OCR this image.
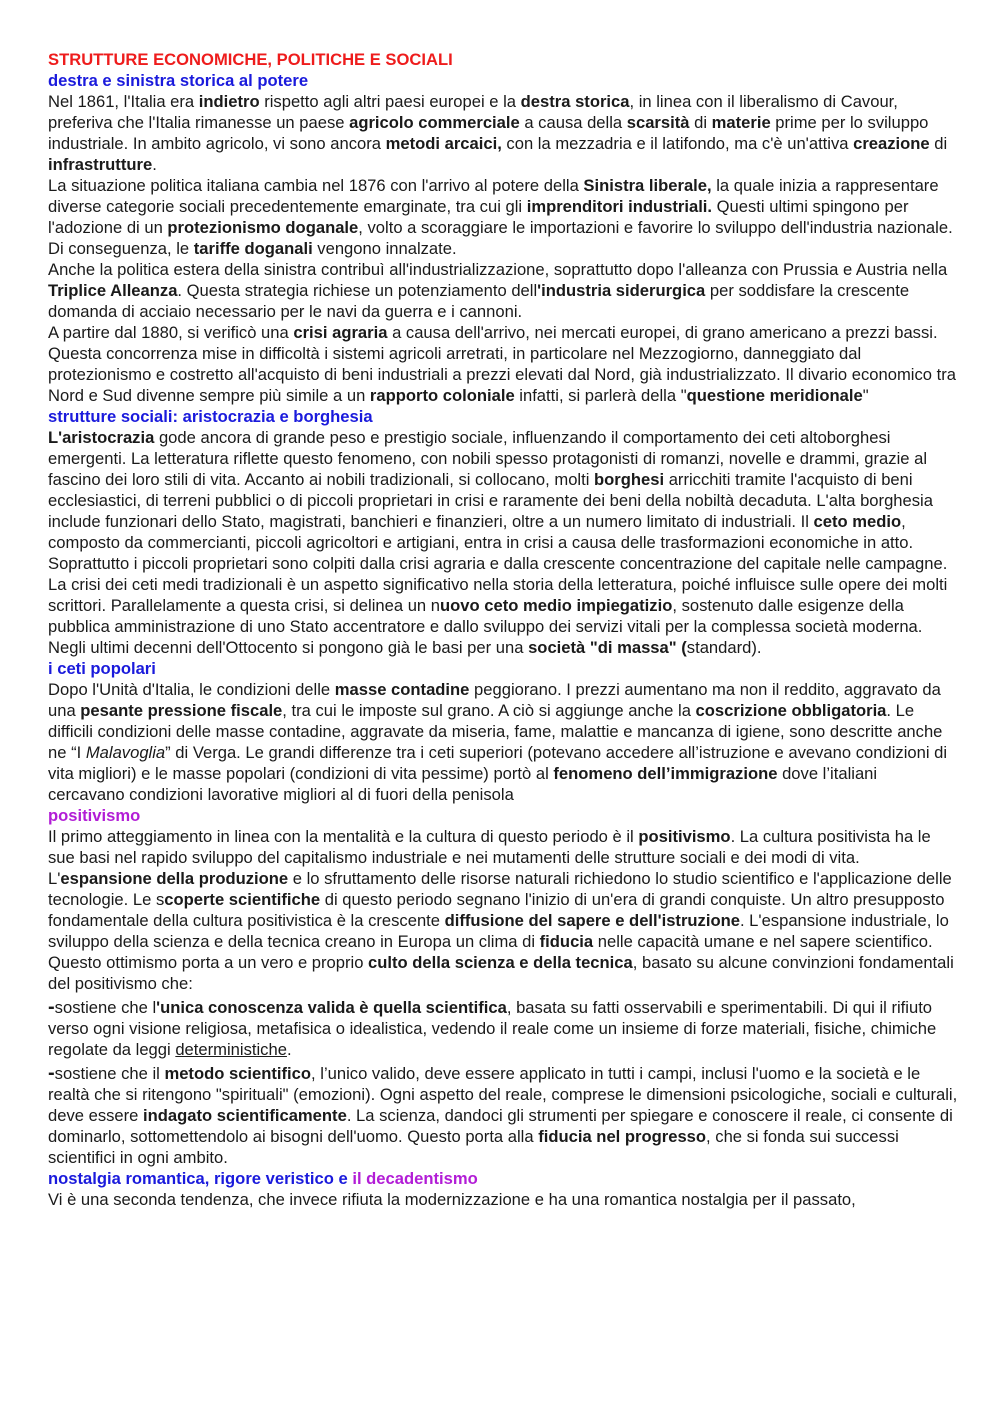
STRUTTURE ECONOMICHE, POLITICHE E SOCIALI
destra e sinistra storica al potere

Nel 1861, l'Italia era indietro rispetto agli altri paesi europei e la destra storica, in linea con il liberalismo di Cavour, preferiva che l'Italia rimanesse un paese agricolo commerciale a causa della scarsità di materie prime per lo sviluppo industriale. In ambito agricolo, vi sono ancora metodi arcaici, con la mezzadria e il latifondo, ma c'è un'attiva creazione di infrastrutture.

La situazione politica italiana cambia nel 1876 con l'arrivo al potere della Sinistra liberale, la quale inizia a rappresentare diverse categorie sociali precedentemente emarginate, tra cui gli imprenditori industriali. Questi ultimi spingono per l'adozione di un protezionismo doganale, volto a scoraggiare le importazioni e favorire lo sviluppo dell'industria nazionale. Di conseguenza, le tariffe doganali vengono innalzate.

Anche la politica estera della sinistra contribuì all'industrializzazione, soprattutto dopo l'alleanza con Prussia e Austria nella Triplice Alleanza. Questa strategia richiese un potenziamento dell'industria siderurgica per soddisfare la crescente domanda di acciaio necessario per le navi da guerra e i cannoni.

A partire dal 1880, si verificò una crisi agraria a causa dell'arrivo, nei mercati europei, di grano americano a prezzi bassi. Questa concorrenza mise in difficoltà i sistemi agricoli arretrati, in particolare nel Mezzogiorno, danneggiato dal protezionismo e costretto all'acquisto di beni industriali a prezzi elevati dal Nord, già industrializzato. Il divario economico tra Nord e Sud divenne sempre più simile a un rapporto coloniale infatti, si parlerà della "questione meridionale"

strutture sociali: aristocrazia e borghesia

L'aristocrazia gode ancora di grande peso e prestigio sociale, influenzando il comportamento dei ceti altoborghesi emergenti. La letteratura riflette questo fenomeno, con nobili spesso protagonisti di romanzi, novelle e drammi, grazie al fascino dei loro stili di vita. Accanto ai nobili tradizionali, si collocano, molti borghesi arricchiti tramite l'acquisto di beni ecclesiastici, di terreni pubblici o di piccoli proprietari in crisi e raramente dei beni della nobiltà decaduta. L'alta borghesia include funzionari dello Stato, magistrati, banchieri e finanzieri, oltre a un numero limitato di industriali. Il ceto medio, composto da commercianti, piccoli agricoltori e artigiani, entra in crisi a causa delle trasformazioni economiche in atto. Soprattutto i piccoli proprietari sono colpiti dalla crisi agraria e dalla crescente concentrazione del capitale nelle campagne. La crisi dei ceti medi tradizionali è un aspetto significativo nella storia della letteratura, poiché influisce sulle opere dei molti scrittori. Parallelamente a questa crisi, si delinea un nuovo ceto medio impiegatizio, sostenuto dalle esigenze della pubblica amministrazione di uno Stato accentratore e dallo sviluppo dei servizi vitali per la complessa società moderna. Negli ultimi decenni dell'Ottocento si pongono già le basi per una società "di massa" (standard).

i ceti popolari

Dopo l'Unità d'Italia, le condizioni delle masse contadine peggiorano. I prezzi aumentano ma non il reddito, aggravato da una pesante pressione fiscale, tra cui le imposte sul grano. A ciò si aggiunge anche la coscrizione obbligatoria. Le difficili condizioni delle masse contadine, aggravate da miseria, fame, malattie e mancanza di igiene, sono descritte anche ne “I Malavoglia” di Verga. Le grandi differenze tra i ceti superiori (potevano accedere all’istruzione e avevano condizioni di vita migliori) e le masse popolari (condizioni di vita pessime) portò al fenomeno dell’immigrazione dove l’italiani cercavano condizioni lavorative migliori al di fuori della penisola

positivismo

Il primo atteggiamento in linea con la mentalità e la cultura di questo periodo è il positivismo. La cultura positivista ha le sue basi nel rapido sviluppo del capitalismo industriale e nei mutamenti delle strutture sociali e dei modi di vita. L'espansione della produzione e lo sfruttamento delle risorse naturali richiedono lo studio scientifico e l'applicazione delle tecnologie. Le scoperte scientifiche di questo periodo segnano l'inizio di un'era di grandi conquiste. Un altro presupposto fondamentale della cultura positivistica è la crescente diffusione del sapere e dell'istruzione. L'espansione industriale, lo sviluppo della scienza e della tecnica creano in Europa un clima di fiducia nelle capacità umane e nel sapere scientifico. Questo ottimismo porta a un vero e proprio culto della scienza e della tecnica, basato su alcune convinzioni fondamentali del positivismo che:

-sostiene che l'unica conoscenza valida è quella scientifica, basata su fatti osservabili e sperimentabili. Di qui il rifiuto verso ogni visione religiosa, metafisica o idealistica, vedendo il reale come un insieme di forze materiali, fisiche, chimiche regolate da leggi deterministiche.

-sostiene che il metodo scientifico, l’unico valido, deve essere applicato in tutti i campi, inclusi l'uomo e la società e le realtà che si ritengono "spirituali" (emozioni). Ogni aspetto del reale, comprese le dimensioni psicologiche, sociali e culturali, deve essere indagato scientificamente. La scienza, dandoci gli strumenti per spiegare e conoscere il reale, ci consente di dominarlo, sottomettendolo ai bisogni dell'uomo. Questo porta alla fiducia nel progresso, che si fonda sui successi scientifici in ogni ambito.

nostalgia romantica, rigore veristico e il decadentismo

Vi è una seconda tendenza, che invece rifiuta la modernizzazione e ha una romantica nostalgia per il passato,
